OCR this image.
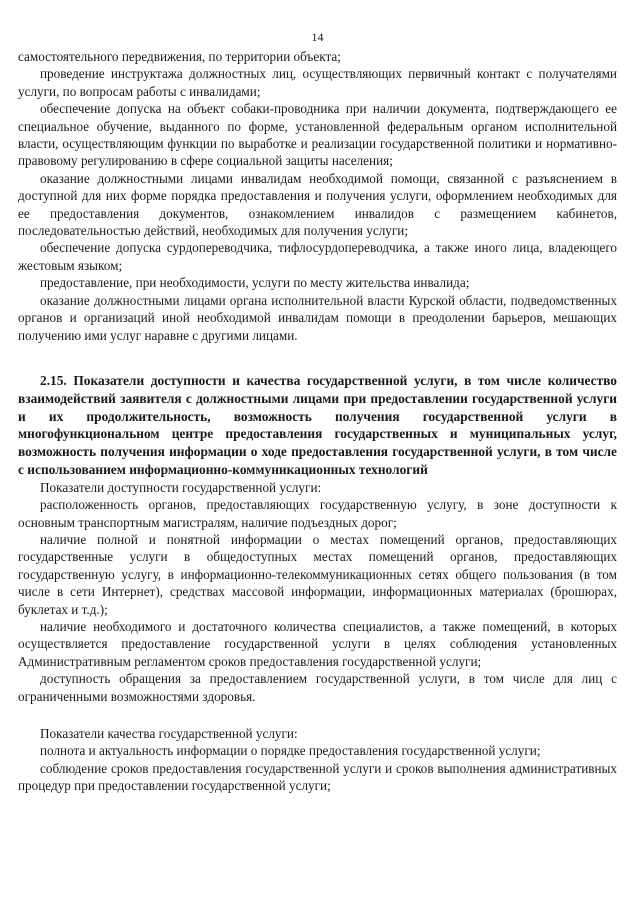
14

самостоятельного передвижения, по территории объекта;

проведение инструктажа должностных лиц, осуществляющих первичный контакт с получателями услуги, по вопросам работы с инвалидами;

обеспечение допуска на объект собаки-проводника при наличии документа, подтверждающего ее специальное обучение, выданного по форме, установленной федеральным органом исполнительной власти, осуществляющим функции по выработке и реализации государственной политики и нормативно-правовому регулированию в сфере социальной защиты населения;

оказание должностными лицами инвалидам необходимой помощи, связанной с разъяснением в доступной для них форме порядка предоставления и получения услуги, оформлением необходимых для ее предоставления документов, ознакомлением инвалидов с размещением кабинетов, последовательностью действий, необходимых для получения услуги;

обеспечение допуска сурдопереводчика, тифлосурдопереводчика, а также иного лица, владеющего жестовым языком;

предоставление, при необходимости, услуги по месту жительства инвалида;

оказание должностными лицами органа исполнительной власти Курской области, подведомственных органов и организаций иной необходимой инвалидам помощи в преодолении барьеров, мешающих получению ими услуг наравне с другими лицами.

2.15. Показатели доступности и качества государственной услуги, в том числе количество взаимодействий заявителя с должностными лицами при предоставлении государственной услуги и их продолжительность, возможность получения государственной услуги в многофункциональном центре предоставления государственных и муниципальных услуг, возможность получения информации о ходе предоставления государственной услуги, в том числе с использованием информационно-коммуникационных технологий

Показатели доступности государственной услуги:

расположенность органов, предоставляющих государственную услугу, в зоне доступности к основным транспортным магистралям, наличие подъездных дорог;

наличие полной и понятной информации о местах помещений органов, предоставляющих государственные услуги в общедоступных местах помещений органов, предоставляющих государственную услугу, в информационно-телекоммуникационных сетях общего пользования (в том числе в сети Интернет), средствах массовой информации, информационных материалах (брошюрах, буклетах и т.д.);

наличие необходимого и достаточного количества специалистов, а также помещений, в которых осуществляется предоставление государственной услуги в целях соблюдения установленных Административным регламентом сроков предоставления государственной услуги;

доступность обращения за предоставлением государственной услуги, в том числе для лиц с ограниченными возможностями здоровья.

Показатели качества государственной услуги:

полнота и актуальность информации о порядке предоставления государственной услуги;

соблюдение сроков предоставления государственной услуги и сроков выполнения административных процедур при предоставлении государственной услуги;
